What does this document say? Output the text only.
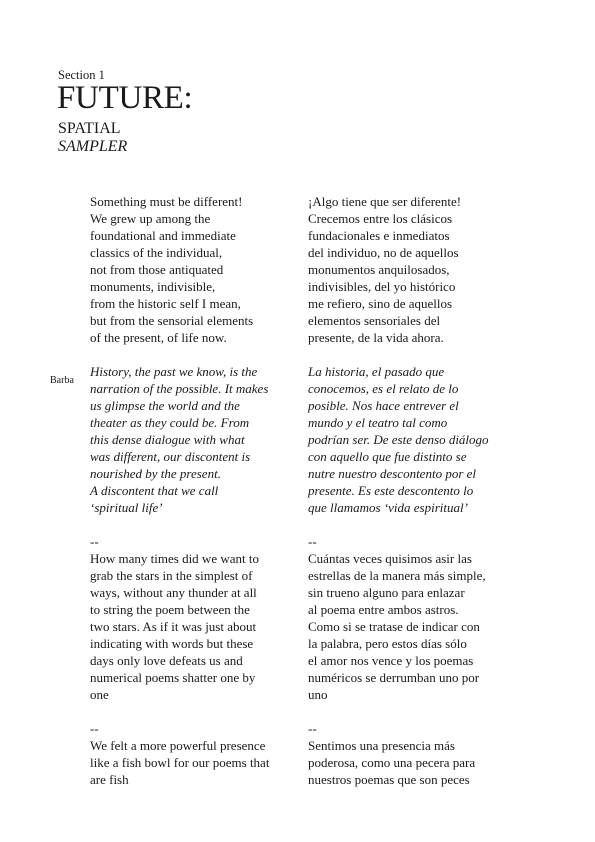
Section 1
FUTURE:
SPATIAL
SAMPLER
Barba

Something must be different!
We grew up among the
foundational and immediate
classics of the individual,
not from those antiquated
monuments, indivisible,
from the historic self I mean,
but from the sensorial elements
of the present, of life now.

History, the past we know, is the
narration of the possible. It makes
us glimpse the world and the
theater as they could be. From
this dense dialogue with what
was different, our discontent is
nourished by the present.
A discontent that we call
‘spiritual life’

--
How many times did we want to
grab the stars in the simplest of
ways, without any thunder at all
to string the poem between the
two stars. As if it was just about
indicating with words but these
days only love defeats us and
numerical poems shatter one by
one

--
We felt a more powerful presence
like a fish bowl for our poems that
are fish

¡Algo tiene que ser diferente!
Crecemos entre los clásicos
fundacionales e inmediatos
del individuo, no de aquellos
monumentos anquilosados,
indivisibles, del yo histórico
me refiero, sino de aquellos
elementos sensoriales del
presente, de la vida ahora.

La historia, el pasado que
conocemos, es el relato de lo
posible. Nos hace entrever el
mundo y el teatro tal como
podrían ser. De este denso diálogo
con aquello que fue distinto se
nutre nuestro descontento por el
presente. Es este descontento lo
que llamamos ‘vida espiritual’

--
Cuántas veces quisimos asir las
estrellas de la manera más simple,
sin trueno alguno para enlazar
al poema entre ambos astros.
Como si se tratase de indicar con
la palabra, pero estos días sólo
el amor nos vence y los poemas
numéricos se derrumban uno por
uno

--
Sentimos una presencia más
poderosa, como una pecera para
nuestros poemas que son peces
